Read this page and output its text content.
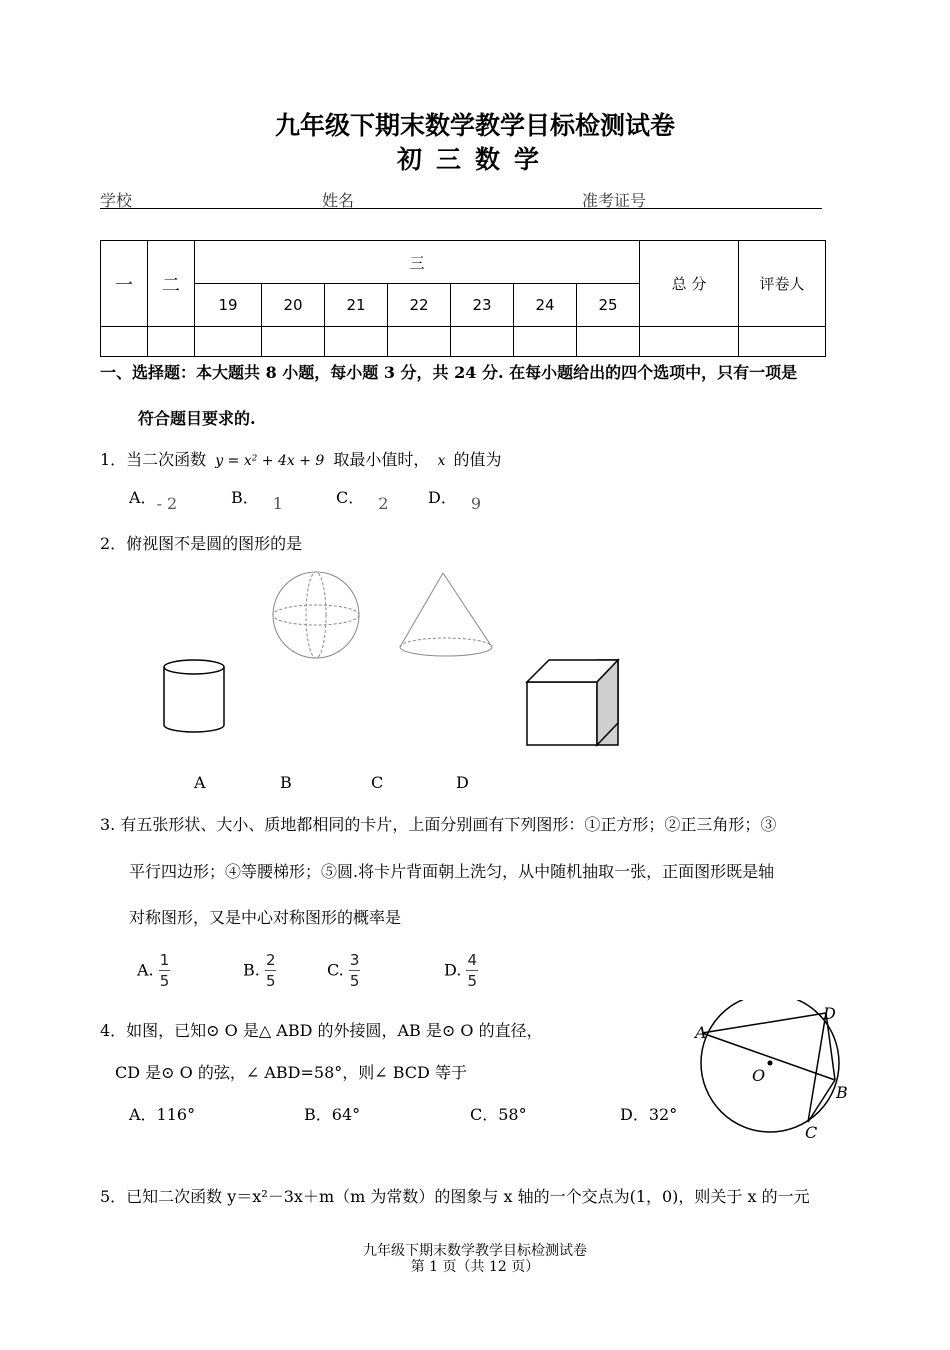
九年级下期末数学教学目标检测试卷
初三数学
学校	姓名	准考证号
一	二	三							总 分	评卷人
		19	20	21	22	23	24	25		

一、选择题：本大题共 8 小题，每小题 3 分，共 24 分. 在每小题给出的四个选项中，只有一项是
符合题目要求的.
1．当二次函数 y = x² + 4x + 9 取最小值时， x 的值为
A．- 2	B． 1	C． 2 D． 9
2．俯视图不是圆的图形的是
A	B	C	D
3. 有五张形状、大小、质地都相同的卡片，上面分别画有下列图形：①正方形；②正三角形；③
平行四边形；④等腰梯形；⑤圆.将卡片背面朝上洗匀，从中随机抽取一张，正面图形既是轴
对称图形，又是中心对称图形的概率是
A. $\frac{1}{5}$	B. $\frac{2}{5}$	C. $\frac{3}{5}$	D. $\frac{4}{5}$
4．如图，已知⊙ O 是△ ABD 的外接圆，AB 是⊙ O 的直径，
CD 是⊙ O 的弦，∠ ABD=58°，则∠ BCD 等于
A．116°	B．64°	C．58°	D．32°
A
D
O
B
C
5．已知二次函数 y＝x²－3x＋m（m 为常数）的图象与 x 轴的一个交点为(1，0)，则关于 x 的一元
九年级下期末数学教学目标检测试卷
第 1 页（共 12 页）
